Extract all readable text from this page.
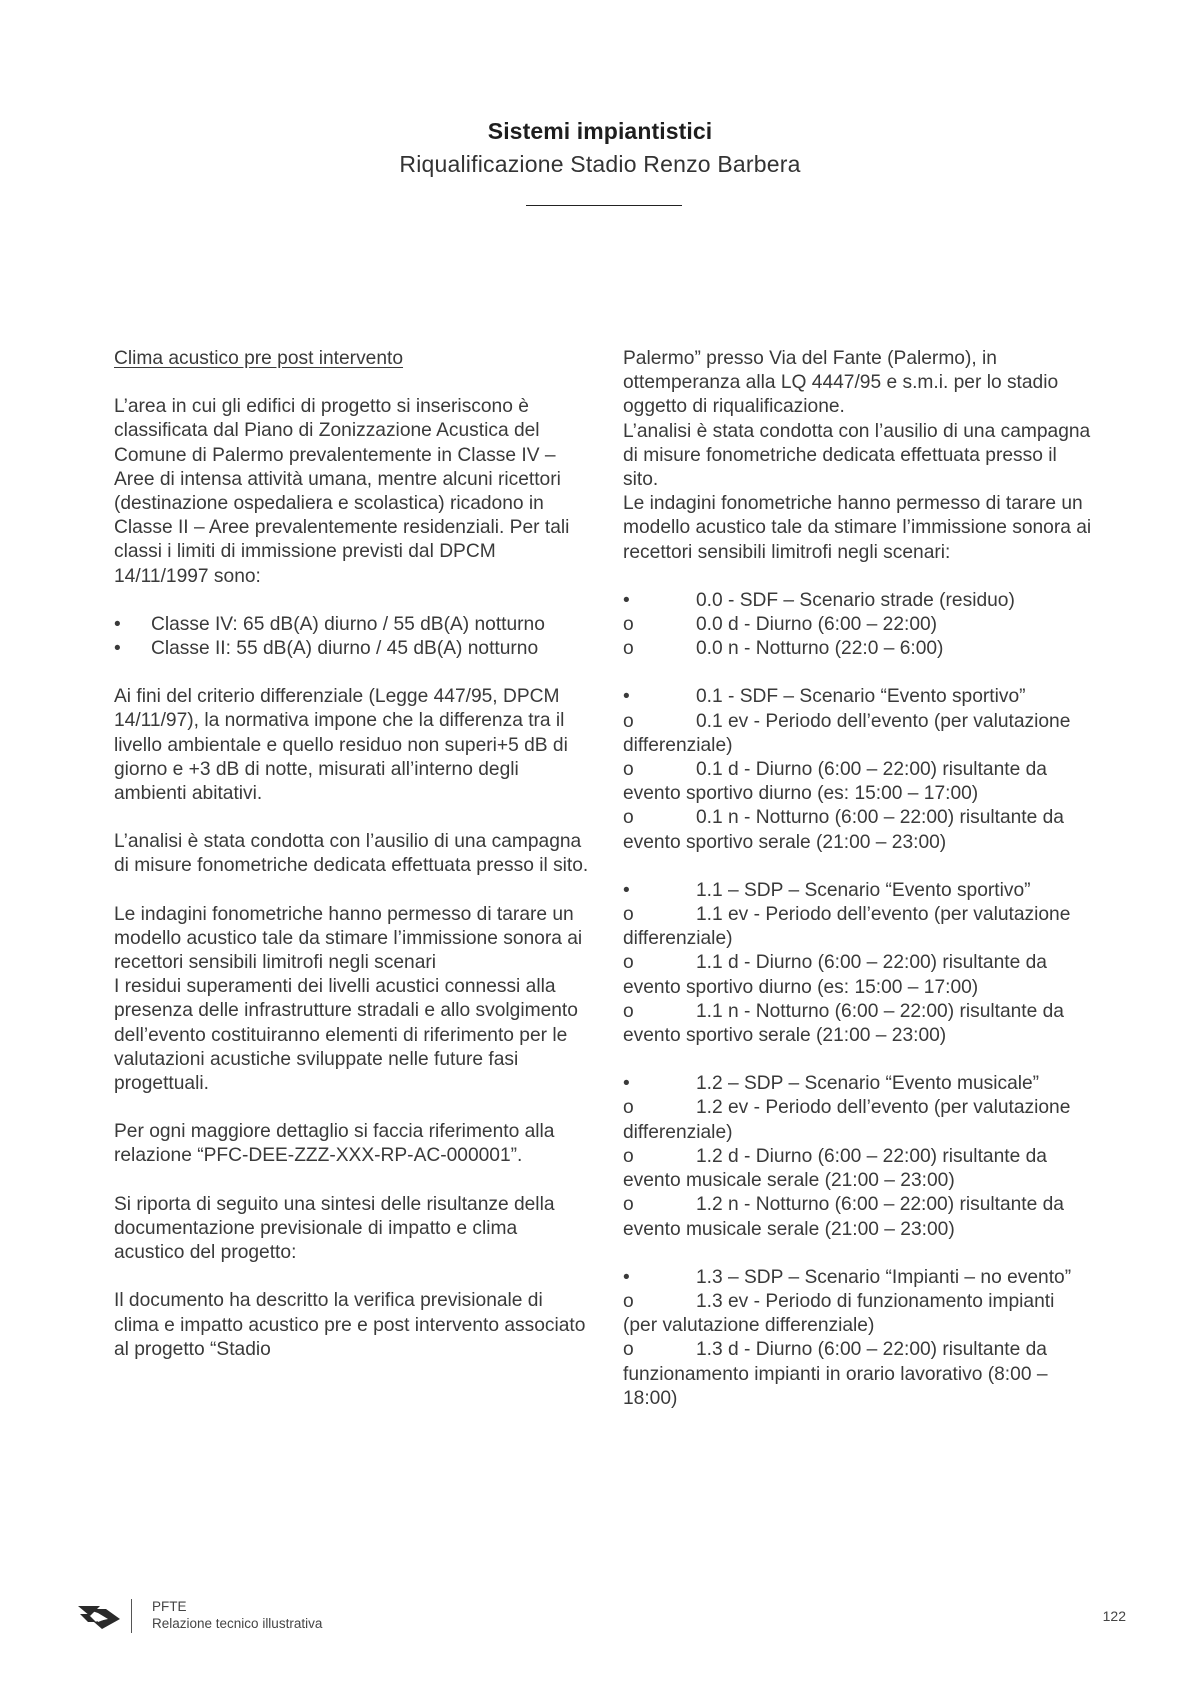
Sistemi impiantistici
Riqualificazione Stadio Renzo Barbera
Clima acustico pre post intervento

L’area in cui gli edifici di progetto si inseriscono è classificata dal Piano di Zonizzazione Acustica del Comune di Palermo prevalentemente in Classe IV – Aree di intensa attività umana, mentre alcuni ricettori (destinazione ospedaliera e scolastica) ricadono in Classe II – Aree prevalentemente residenziali. Per tali classi i limiti di immissione previsti dal DPCM 14/11/1997 sono:

• Classe IV: 65 dB(A) diurno / 55 dB(A) notturno
• Classe II: 55 dB(A) diurno / 45 dB(A) notturno

Ai fini del criterio differenziale (Legge 447/95, DPCM 14/11/97), la normativa impone che la differenza tra il livello ambientale e quello residuo non superi+5 dB di giorno e +3 dB di notte, misurati all’interno degli ambienti abitativi.

L’analisi è stata condotta con l’ausilio di una campagna di misure fonometriche dedicata effettuata presso il sito.

Le indagini fonometriche hanno permesso di tarare un modello acustico tale da stimare l’immissione sonora ai recettori sensibili limitrofi negli scenari

I residui superamenti dei livelli acustici connessi alla presenza delle infrastrutture stradali e allo svolgimento dell’evento costituiranno elementi di riferimento per le valutazioni acustiche sviluppate nelle future fasi progettuali.

Per ogni maggiore dettaglio si faccia riferimento alla relazione “PFC-DEE-ZZZ-XXX-RP-AC-000001”.

Si riporta di seguito una sintesi delle risultanze della documentazione previsionale di impatto e clima acustico del progetto:

Il documento ha descritto la verifica previsionale di clima e impatto acustico pre e post intervento associato al progetto “Stadio

Palermo” presso Via del Fante (Palermo), in ottemperanza alla LQ 4447/95 e s.m.i. per lo stadio oggetto di riqualificazione.

L’analisi è stata condotta con l’ausilio di una campagna di misure fonometriche dedicata effettuata presso il sito.

Le indagini fonometriche hanno permesso di tarare un modello acustico tale da stimare l’immissione sonora ai recettori sensibili limitrofi negli scenari:

•	0.0 - SDF – Scenario strade (residuo)
o	0.0 d - Diurno (6:00 – 22:00)
o	0.0 n - Notturno (22:0 – 6:00)
•	0.1 - SDF – Scenario “Evento sportivo”
o	0.1 ev - Periodo dell’evento (per valutazione differenziale)
o	0.1 d - Diurno (6:00 – 22:00) risultante da evento sportivo diurno (es: 15:00 – 17:00)
o	0.1 n - Notturno (6:00 – 22:00) risultante da evento sportivo serale (21:00 – 23:00)
•	1.1 – SDP – Scenario “Evento sportivo”
o	1.1 ev - Periodo dell’evento (per valutazione differenziale)
o	1.1 d - Diurno (6:00 – 22:00) risultante da evento sportivo diurno (es: 15:00 – 17:00)
o	1.1 n - Notturno (6:00 – 22:00) risultante da evento sportivo serale (21:00 – 23:00)
•	1.2 – SDP – Scenario “Evento musicale”
o	1.2 ev - Periodo dell’evento (per valutazione differenziale)
o	1.2 d - Diurno (6:00 – 22:00) risultante da evento musicale serale (21:00 – 23:00)
o	1.2 n - Notturno (6:00 – 22:00) risultante da evento musicale serale (21:00 – 23:00)
•	1.3 – SDP – Scenario “Impianti – no evento”
o	1.3 ev - Periodo di funzionamento impianti (per valutazione differenziale)
o	1.3 d - Diurno (6:00 – 22:00) risultante da funzionamento impianti in orario lavorativo (8:00 – 18:00)
PFTE
Relazione tecnico illustrativa	122
